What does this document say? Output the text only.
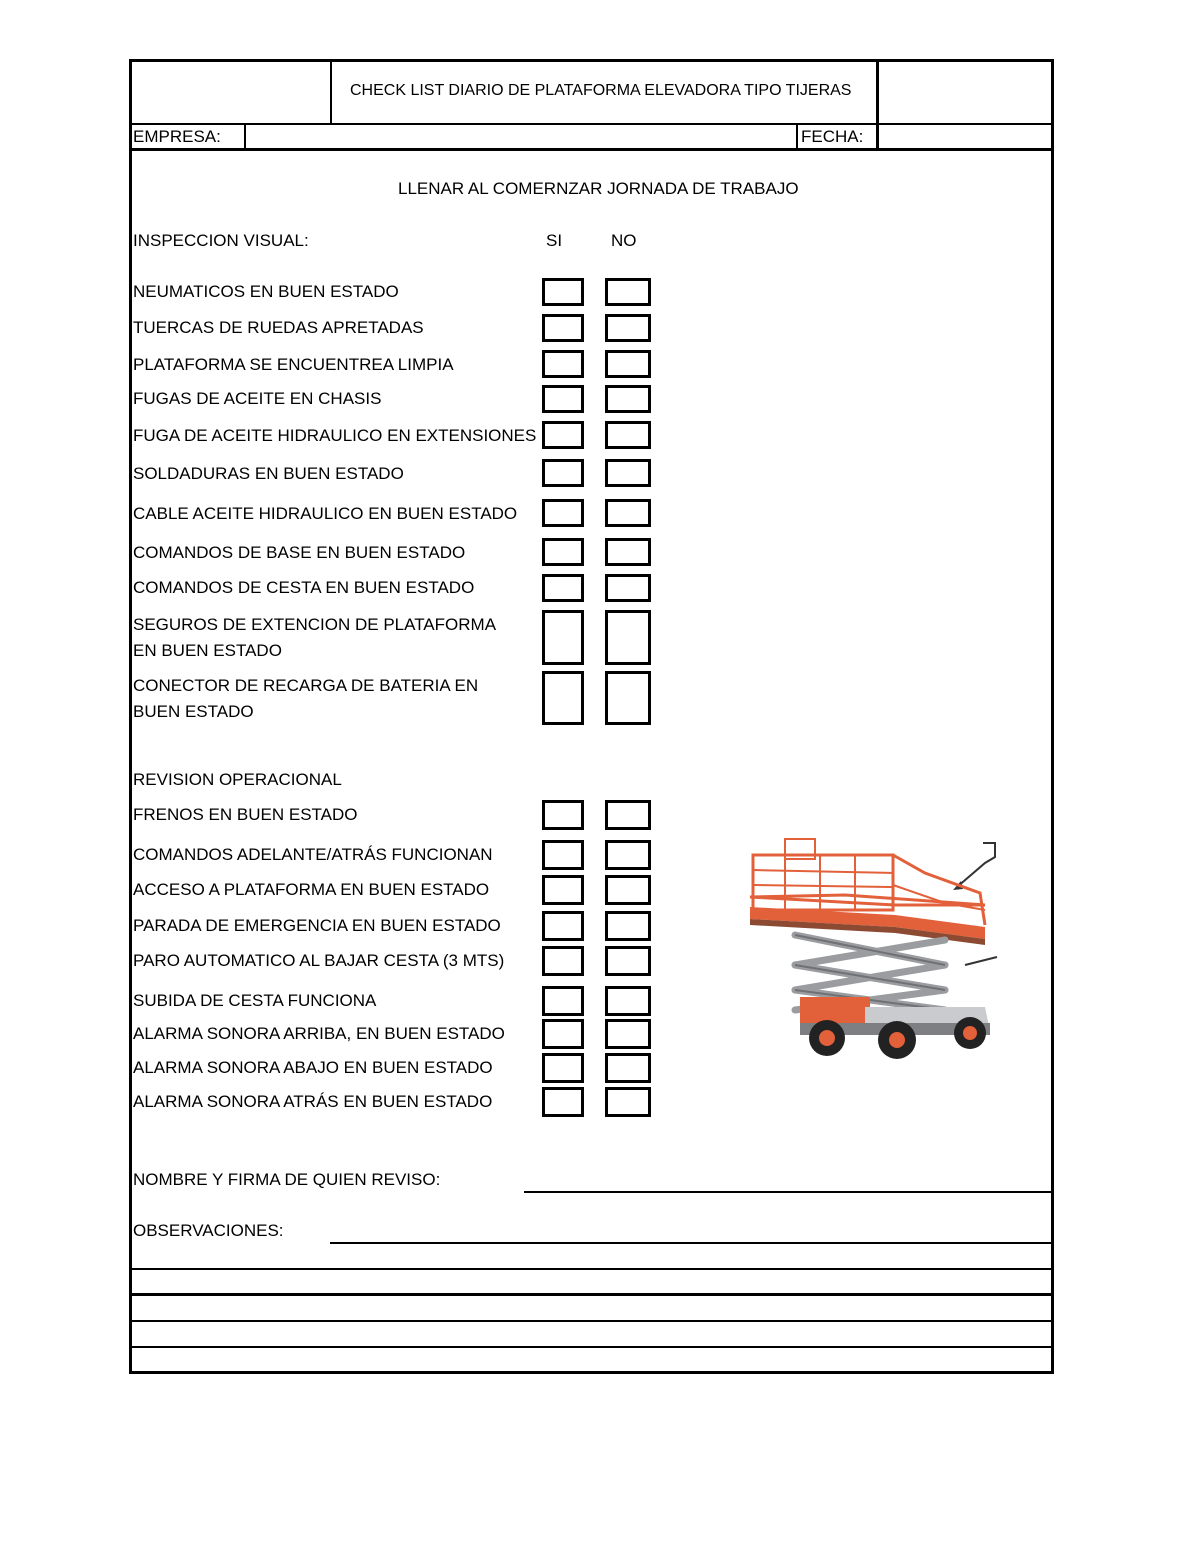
CHECK LIST DIARIO DE PLATAFORMA ELEVADORA TIPO TIJERAS
EMPRESA:	FECHA:
LLENAR AL COMERNZAR JORNADA DE TRABAJO
INSPECCION VISUAL:	SI	NO
NEUMATICOS EN BUEN ESTADO
TUERCAS DE RUEDAS APRETADAS
PLATAFORMA SE ENCUENTREA LIMPIA
FUGAS DE ACEITE EN CHASIS
FUGA DE ACEITE HIDRAULICO EN EXTENSIONES
SOLDADURAS EN BUEN ESTADO
CABLE ACEITE HIDRAULICO EN BUEN ESTADO
COMANDOS DE BASE EN BUEN ESTADO
COMANDOS DE CESTA EN BUEN ESTADO
SEGUROS DE EXTENCION DE PLATAFORMA EN BUEN ESTADO
CONECTOR DE RECARGA DE BATERIA EN BUEN ESTADO
REVISION OPERACIONAL
FRENOS EN BUEN ESTADO
COMANDOS ADELANTE/ATRÁS FUNCIONAN
ACCESO A PLATAFORMA EN BUEN ESTADO
PARADA DE EMERGENCIA EN BUEN ESTADO
PARO AUTOMATICO AL BAJAR CESTA (3 MTS)
SUBIDA DE CESTA FUNCIONA
ALARMA SONORA ARRIBA, EN BUEN ESTADO
ALARMA SONORA ABAJO EN BUEN ESTADO
ALARMA SONORA ATRÁS EN BUEN ESTADO
NOMBRE Y FIRMA DE QUIEN REVISO:
OBSERVACIONES:
